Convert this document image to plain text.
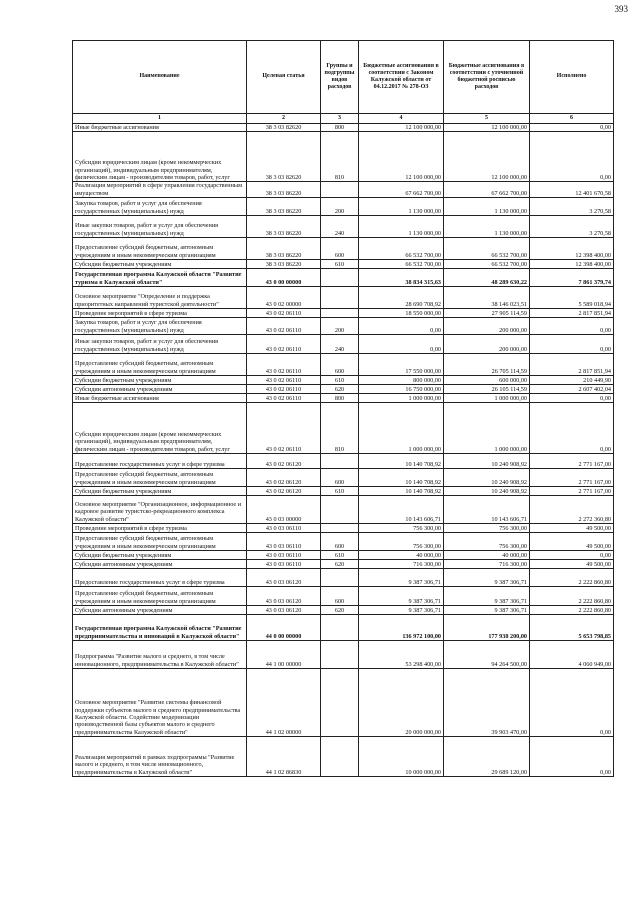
393
Наименование	Целевая статья	Группы и подгруппы видов расходов	Бюджетные ассигнования в соответствии с Законом Калужской области от 04.12.2017 № 278-ОЗ	Бюджетные ассигнования в соответствии с уточненной бюджетной росписью расходов	Исполнено
1	2	3	4	5	6
Иные бюджетные ассигнования	38 3 03 82620	800	12 100 000,00	12 100 000,00	0,00
Субсидии юридическим лицам (кроме некоммерческих организаций), индивидуальным предпринимателям, физическим лицам - производителям товаров, работ, услуг	38 3 03 82620	810	12 100 000,00	12 100 000,00	0,00
Реализация мероприятий в сфере управления государственным имуществом	38 3 03 86220		67 662 700,00	67 662 700,00	12 401 670,58
Закупка товаров, работ и услуг для обеспечения государственных (муниципальных) нужд	38 3 03 86220	200	1 130 000,00	1 130 000,00	3 270,58
Иные закупки товаров, работ и услуг для обеспечения государственных (муниципальных) нужд	38 3 03 86220	240	1 130 000,00	1 130 000,00	3 270,58
Предоставление субсидий бюджетным, автономным учреждениям и иным некоммерческим организациям	38 3 03 86220	600	66 532 700,00	66 532 700,00	12 398 400,00
Субсидии бюджетным учреждениям	38 3 03 86220	610	66 532 700,00	66 532 700,00	12 398 400,00
Государственная программа Калужской области "Развитие туризма в Калужской области"	43 0 00 00000		38 834 315,63	48 289 630,22	7 861 379,74
Основное мероприятие "Определение и поддержка приоритетных направлений туристской деятельности"	43 0 02 00000		28 690 708,92	38 146 023,51	5 589 018,94
Проведение мероприятий в сфере туризма	43 0 02 06110		18 550 000,00	27 905 114,59	2 817 851,94
Закупка товаров, работ и услуг для обеспечения государственных (муниципальных) нужд	43 0 02 06110	200	0,00	200 000,00	0,00
Иные закупки товаров, работ и услуг для обеспечения государственных (муниципальных) нужд	43 0 02 06110	240	0,00	200 000,00	0,00
Предоставление субсидий бюджетным, автономным учреждениям и иным некоммерческим организациям	43 0 02 06110	600	17 550 000,00	26 705 114,59	2 817 851,94
Субсидии бюджетным учреждениям	43 0 02 06110	610	800 000,00	600 000,00	210 449,90
Субсидии автономным учреждениям	43 0 02 06110	620	16 750 000,00	26 105 114,59	2 607 402,04
Иные бюджетные ассигнования	43 0 02 06110	800	1 000 000,00	1 000 000,00	0,00
Субсидии юридическим лицам (кроме некоммерческих организаций), индивидуальным предпринимателям, физическим лицам - производителям товаров, работ, услуг	43 0 02 06110	810	1 000 000,00	1 000 000,00	0,00
Предоставление государственных услуг в сфере туризма	43 0 02 06120		10 140 708,92	10 240 908,92	2 771 167,00
Предоставление субсидий бюджетным, автономным учреждениям и иным некоммерческим организациям	43 0 02 06120	600	10 140 708,92	10 240 908,92	2 771 167,00
Субсидии бюджетным учреждениям	43 0 02 06120	610	10 140 708,92	10 240 908,92	2 771 167,00
Основное мероприятие "Организационное, информационное и кадровое развитие туристско-рекреационного комплекса Калужской области"	43 0 03 00000		10 143 606,71	10 143 606,71	2 272 360,80
Проведение мероприятий в сфере туризма	43 0 03 06110		756 300,00	756 300,00	49 500,00
Предоставление субсидий бюджетным, автономным учреждениям и иным некоммерческим организациям	43 0 03 06110	600	756 300,00	756 300,00	49 500,00
Субсидии бюджетным учреждениям	43 0 03 06110	610	40 000,00	40 000,00	0,00
Субсидии автономным учреждениям	43 0 03 06110	620	716 300,00	716 300,00	49 500,00
Предоставление государственных услуг в сфере туризма	43 0 03 06120		9 387 306,71	9 387 306,71	2 222 860,80
Предоставление субсидий бюджетным, автономным учреждениям и иным некоммерческим организациям	43 0 03 06120	600	9 387 306,71	9 387 306,71	2 222 860,80
Субсидии автономным учреждениям	43 0 03 06120	620	9 387 306,71	9 387 306,71	2 222 860,80
Государственная программа Калужской области "Развитие предпринимательства и инноваций в Калужской области"	44 0 00 00000		136 972 100,00	177 938 200,00	5 653 798,85
Подпрограмма "Развитие малого и среднего, в том числе инновационного, предпринимательства в Калужской области"	44 1 00 00000		53 298 400,00	94 264 500,00	4 060 949,00
Основное мероприятие "Развитие системы финансовой поддержки субъектов малого и среднего предпринимательства Калужской области. Содействие модернизации производственной базы субъектов малого и среднего предпринимательства Калужской области"	44 1 02 00000		20 000 000,00	39 903 470,00	0,00
Реализация мероприятий в рамках подпрограммы "Развитие малого и среднего, в том числе инновационного, предпринимательства в Калужской области"	44 1 02 86830		10 000 000,00	29 689 120,00	0,00
